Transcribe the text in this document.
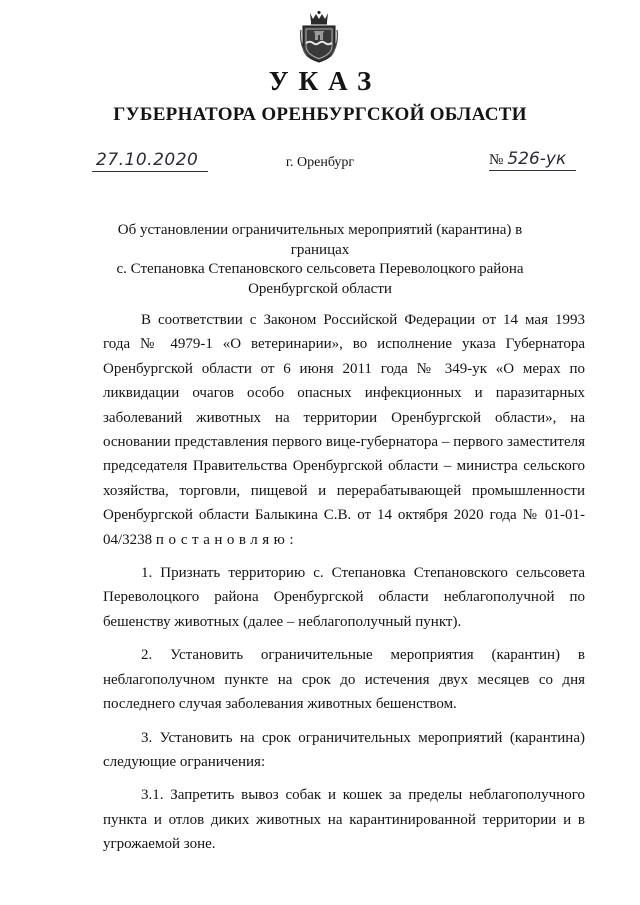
УКАЗ
ГУБЕРНАТОРА ОРЕНБУРГСКОЙ ОБЛАСТИ
27.10.2020	г. Оренбург	№ 526-ук
Об установлении ограничительных мероприятий (карантина) в границах
с. Степановка Степановского сельсовета Переволоцкого района
Оренбургской области

В соответствии с Законом Российской Федерации от 14 мая 1993 года № 4979-1 «О ветеринарии», во исполнение указа Губернатора Оренбургской области от 6 июня 2011 года № 349-ук «О мерах по ликвидации очагов особо опасных инфекционных и паразитарных заболеваний животных на территории Оренбургской области», на основании представления первого вице-губернатора – первого заместителя председателя Правительства Оренбургской области – министра сельского хозяйства, торговли, пищевой и перерабатывающей промышленности Оренбургской области Балыкина С.В. от 14 октября 2020 года № 01-01-04/3238 постановляю:

1. Признать территорию с. Степановка Степановского сельсовета Переволоцкого района Оренбургской области неблагополучной по бешенству животных (далее – неблагополучный пункт).

2. Установить ограничительные мероприятия (карантин) в неблагополучном пункте на срок до истечения двух месяцев со дня последнего случая заболевания животных бешенством.

3. Установить на срок ограничительных мероприятий (карантина) следующие ограничения:

3.1. Запретить вывоз собак и кошек за пределы неблагополучного пункта и отлов диких животных на карантинированной территории и в угрожаемой зоне.
